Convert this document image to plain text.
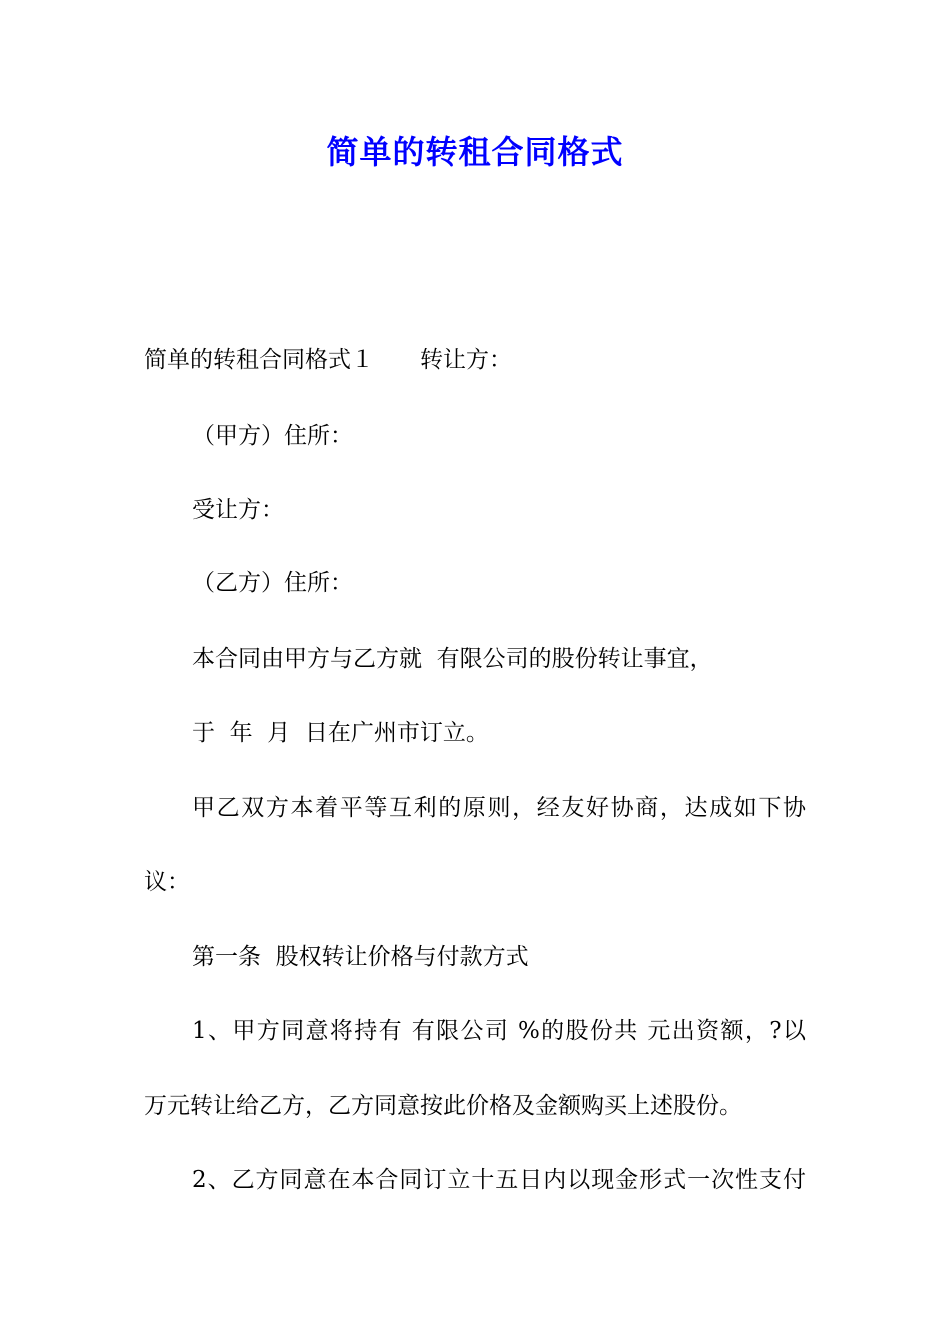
简单的转租合同格式

简单的转租合同格式１　　转让方：

（甲方）住所：

受让方：

（乙方）住所：

本合同由甲方与乙方就  有限公司的股份转让事宜，

于  年  月  日在广州市订立。

甲乙双方本着平等互利的原则，经友好协商，达成如下协

议：

第一条  股权转让价格与付款方式

1、甲方同意将持有 有限公司 %的股份共 元出资额，?以

万元转让给乙方，乙方同意按此价格及金额购买上述股份。

2、乙方同意在本合同订立十五日内以现金形式一次性支付
